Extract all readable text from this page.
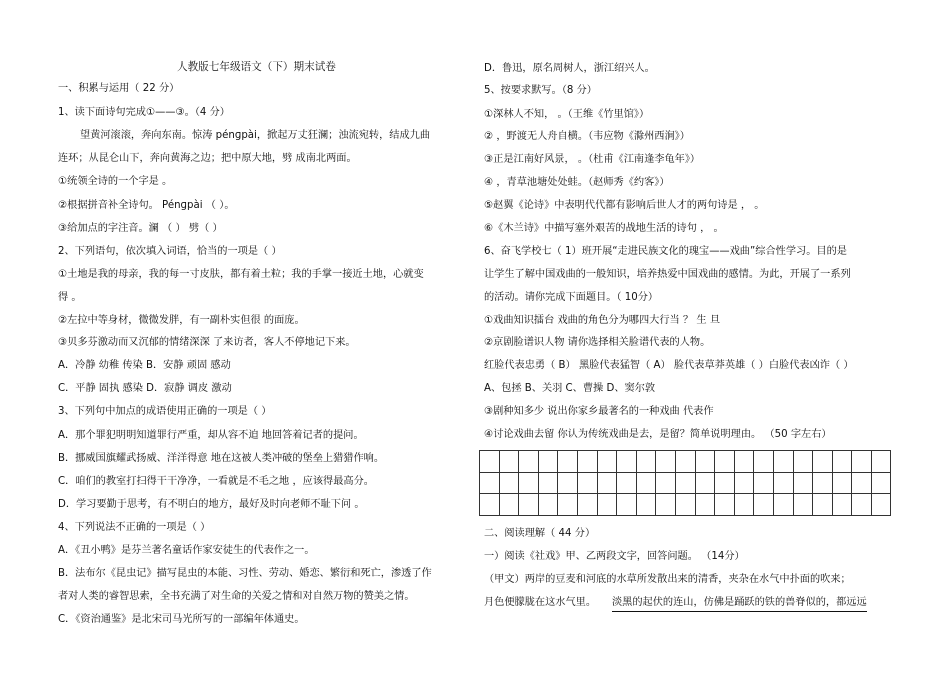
人教版七年级语文（下）期末试卷
一、积累与运用（ 22 分）
1、读下面诗句完成①——③。（4 分）
望黄河滚滚，奔向东南。惊涛 pénɡpài，掀起万丈狂澜；浊流宛转，结成九曲
连环；从昆仑山下，奔向黄海之边；把中原大地，劈 成南北两面。
①统领全诗的一个字是 。
②根据拼音补全诗句。 Pénɡpài （ ）。
③给加点的字注音。澜 （ ） 劈（ ）
2、下列语句，依次填入词语，恰当的一项是（ ）
①土地是我的母亲，我的每一寸皮肤，都有着土粒；我的手掌一接近土地，心就变
得 。
②左拉中等身材，微微发胖，有一副朴实但很 的面庞。
③贝多芬激动而又沉郁的情绪深深 了来访者，客人不停地记下来。
A．冷静 幼稚 传染 B．安静 顽固 感动
C．平静 固执 感染 D．寂静 调皮 激动
3、下列句中加点的成语使用正确的一项是（ ）
A．那个罪犯明明知道罪行严重，却从容不迫 地回答着记者的提问。
B．挪威国旗耀武扬威、洋洋得意 地在这被人类冲破的堡垒上猎猎作响。
C．咱们的教室打扫得干干净净，一看就是不毛之地 ，应该得最高分。
D．学习要勤于思考，有不明白的地方，最好及时向老师不耻下问 。
4、下列说法不正确的一项是（ ）
A．《丑小鸭》是芬兰著名童话作家安徒生的代表作之一。
B．法布尔《昆虫记》描写昆虫的本能、习性、劳动、婚恋、繁衍和死亡，渗透了作
者对人类的睿智思索，全书充满了对生命的关爱之情和对自然万物的赞美之情。
C．《资治通鉴》是北宋司马光所写的一部编年体通史。
D．鲁迅，原名周树人，浙江绍兴人。
5、按要求默写。（8 分）
①深林人不知， 。（王维《竹里馆》）
② ，野渡无人舟自横。（韦应物《滁州西涧》）
③正是江南好风景， 。（杜甫《江南逢李龟年》）
④ ，青草池塘处处蛙。（赵师秀《约客》）
⑤赵翼《论诗》中表明代代都有影响后世人才的两句诗是 ， 。
⑥《木兰诗》中描写塞外艰苦的战地生活的诗句 ， 。
6、奋飞学校七（ 1）班开展“走进民族文化的瑰宝——戏曲”综合性学习。目的是
让学生了解中国戏曲的一般知识，培养热爱中国戏曲的感情。为此，开展了一系列
的活动。请你完成下面题目。（ 10分）
①戏曲知识擂台 戏曲的角色分为哪四大行当 ？ 生 旦
②京剧脸谱识人物 请你选择相关脸谱代表的人物。
红脸代表忠勇（ B） 黑脸代表猛智（ A） 脸代表草莽英雄（ ）白脸代表凶诈（ ）
A、包拯 B、关羽 C、曹操 D、窦尔敦
③剧种知多少 说出你家乡最著名的一种戏曲 代表作
④讨论戏曲去留 你认为传统戏曲是去，是留？简单说明理由。 （50 字左右）
二、阅读理解（ 44 分）
一）阅读《社戏》甲、乙两段文字，回答问题。 （14分）
（甲文）两岸的豆麦和河底的水草所发散出来的清香，夹杂在水气中扑面的吹来；
月色便朦胧在这水气里。 淡黑的起伏的连山，仿佛是踊跃的铁的兽脊似的，都远远
